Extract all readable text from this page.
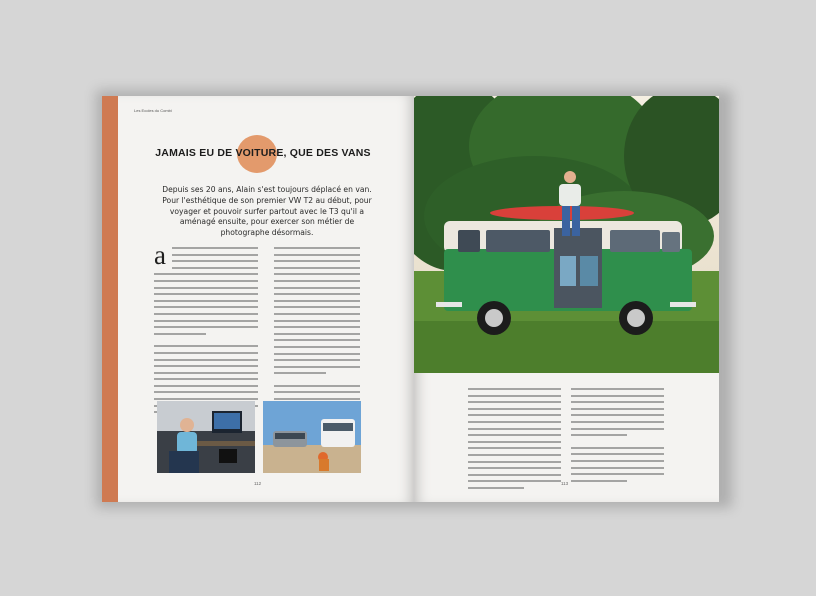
Les Ecoles du Combi
JAMAIS EU DE VOITURE, QUE DES VANS
Depuis ses 20 ans, Alain s'est toujours déplacé en van. Pour l'esthétique de son premier VW T2 au début, pour voyager et pouvoir surfer partout avec le T3 qu'il a aménagé ensuite, pour exercer son métier de photographe désormais.
a
112	113
